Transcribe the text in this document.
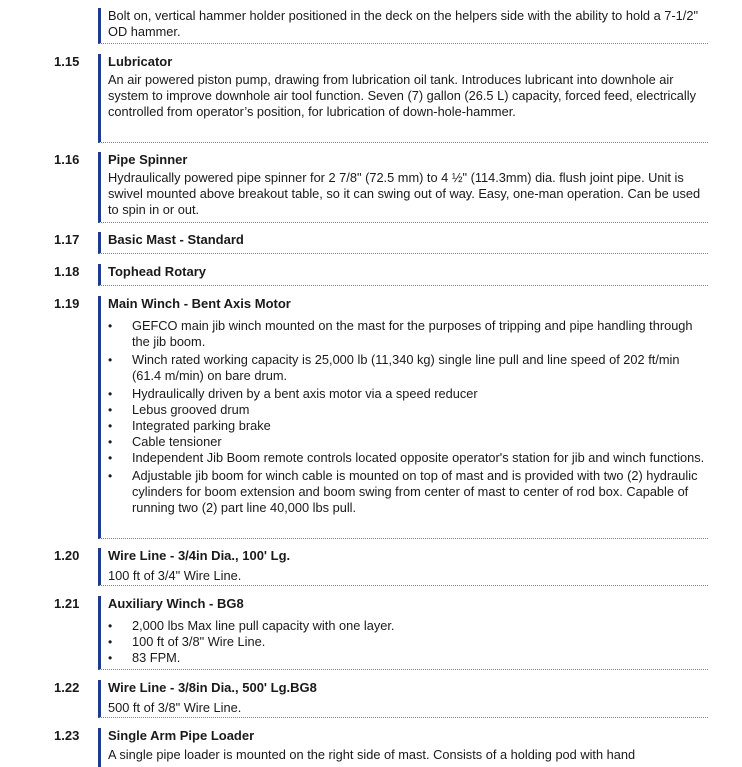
Bolt on, vertical hammer holder positioned in the deck on the helpers side with the ability to hold a 7-1/2" OD hammer.
1.15 Lubricator
An air powered piston pump, drawing from lubrication oil tank. Introduces lubricant into downhole air system to improve downhole air tool function. Seven (7) gallon (26.5 L) capacity, forced feed, electrically controlled from operator’s position, for lubrication of down-hole-hammer.
1.16 Pipe Spinner
Hydraulically powered pipe spinner for 2 7/8" (72.5 mm) to 4 ½" (114.3mm) dia. flush joint pipe. Unit is swivel mounted above breakout table, so it can swing out of way. Easy, one-man operation. Can be used to spin in or out.
1.17 Basic Mast - Standard
1.18 Tophead Rotary
1.19 Main Winch - Bent Axis Motor
• GEFCO main jib winch mounted on the mast for the purposes of tripping and pipe handling through the jib boom.
• Winch rated working capacity is 25,000 lb (11,340 kg) single line pull and line speed of 202 ft/min (61.4 m/min) on bare drum.
• Hydraulically driven by a bent axis motor via a speed reducer
• Lebus grooved drum
• Integrated parking brake
• Cable tensioner
• Independent Jib Boom remote controls located opposite operator's station for jib and winch functions.
• Adjustable jib boom for winch cable is mounted on top of mast and is provided with two (2) hydraulic cylinders for boom extension and boom swing from center of mast to center of rod box. Capable of running two (2) part line 40,000 lbs pull.
1.20 Wire Line - 3/4in Dia., 100' Lg.
100 ft of 3/4" Wire Line.
1.21 Auxiliary Winch - BG8
• 2,000 lbs Max line pull capacity with one layer.
• 100 ft of 3/8" Wire Line.
• 83 FPM.
1.22 Wire Line - 3/8in Dia., 500' Lg.BG8
500 ft of 3/8" Wire Line.
1.23 Single Arm Pipe Loader
A single pipe loader is mounted on the right side of mast. Consists of a holding pod with hand
